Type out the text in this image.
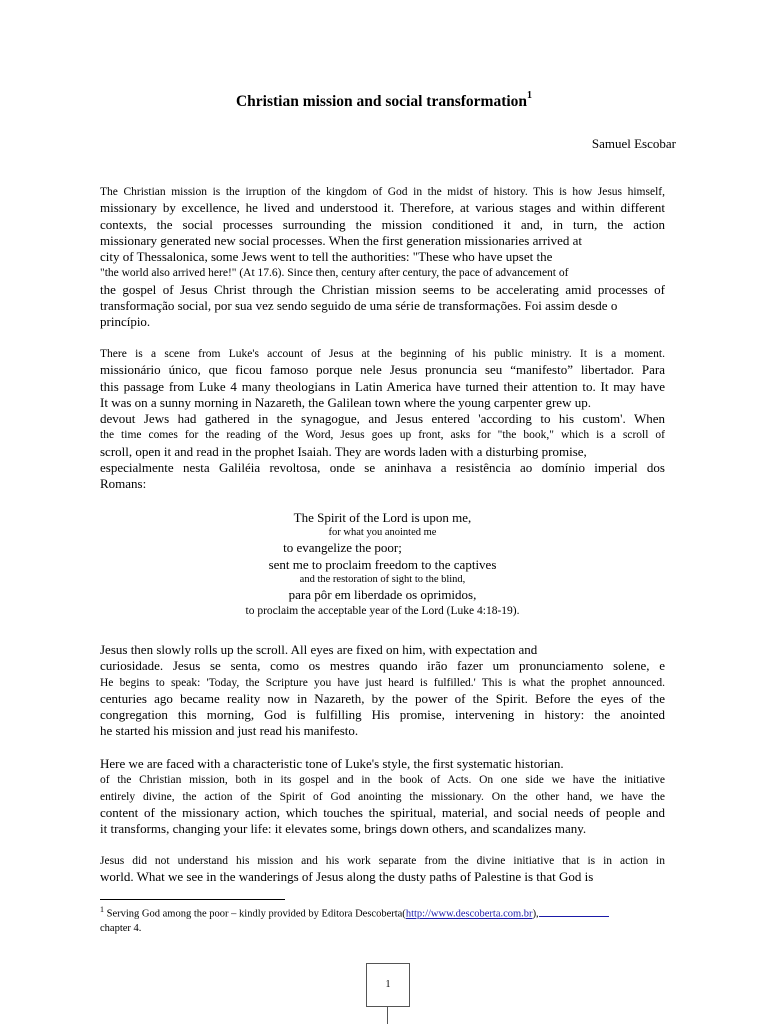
Christian mission and social transformation$^1$
Samuel Escobar
The Christian mission is the irruption of the kingdom of God in the midst of history. This is how Jesus himself,
missionary by excellence, he lived and understood it. Therefore, at various stages and within different
contexts, the social processes surrounding the mission conditioned it and, in turn, the action
missionary generated new social processes. When the first generation missionaries arrived at
city of Thessalonica, some Jews went to tell the authorities: "These who have upset the
"the world also arrived here!" (At 17.6). Since then, century after century, the pace of advancement of
the gospel of Jesus Christ through the Christian mission seems to be accelerating amid processes of
transformação social, por sua vez sendo seguido de uma série de transformações. Foi assim desde o
princípio.
There is a scene from Luke's account of Jesus at the beginning of his public ministry. It is a moment.
missionário único, que ficou famoso porque nele Jesus pronuncia seu “manifesto” libertador. Para
this passage from Luke 4 many theologians in Latin America have turned their attention to. It may have
It was on a sunny morning in Nazareth, the Galilean town where the young carpenter grew up.
devout Jews had gathered in the synagogue, and Jesus entered 'according to his custom'. When
the time comes for the reading of the Word, Jesus goes up front, asks for "the book," which is a scroll of
scroll, open it and read in the prophet Isaiah. They are words laden with a disturbing promise,
especialmente nesta Galiléia revoltosa, onde se aninhava a resistência ao domínio imperial dos
Romans:
The Spirit of the Lord is upon me,
for what you anointed me
to evangelize the poor;
sent me to proclaim freedom to the captives
and the restoration of sight to the blind,
para pôr em liberdade os oprimidos,
to proclaim the acceptable year of the Lord (Luke 4:18-19).
Jesus then slowly rolls up the scroll. All eyes are fixed on him, with expectation and
curiosidade. Jesus se senta, como os mestres quando irão fazer um pronunciamento solene, e
He begins to speak: 'Today, the Scripture you have just heard is fulfilled.' This is what the prophet announced.
centuries ago became reality now in Nazareth, by the power of the Spirit. Before the eyes of the
congregation this morning, God is fulfilling His promise, intervening in history: the anointed
he started his mission and just read his manifesto.
Here we are faced with a characteristic tone of Luke's style, the first systematic historian.
of the Christian mission, both in its gospel and in the book of Acts. On one side we have the initiative
entirely divine, the action of the Spirit of God anointing the missionary. On the other hand, we have the
content of the missionary action, which touches the spiritual, material, and social needs of people and
it transforms, changing your life: it elevates some, brings down others, and scandalizes many.
Jesus did not understand his mission and his work separate from the divine initiative that is in action in
world. What we see in the wanderings of Jesus along the dusty paths of Palestine is that God is
$^1$ Serving God among the poor – kindly provided by Editora Descoberta(http://www.descoberta.com.br),
chapter 4.
1
